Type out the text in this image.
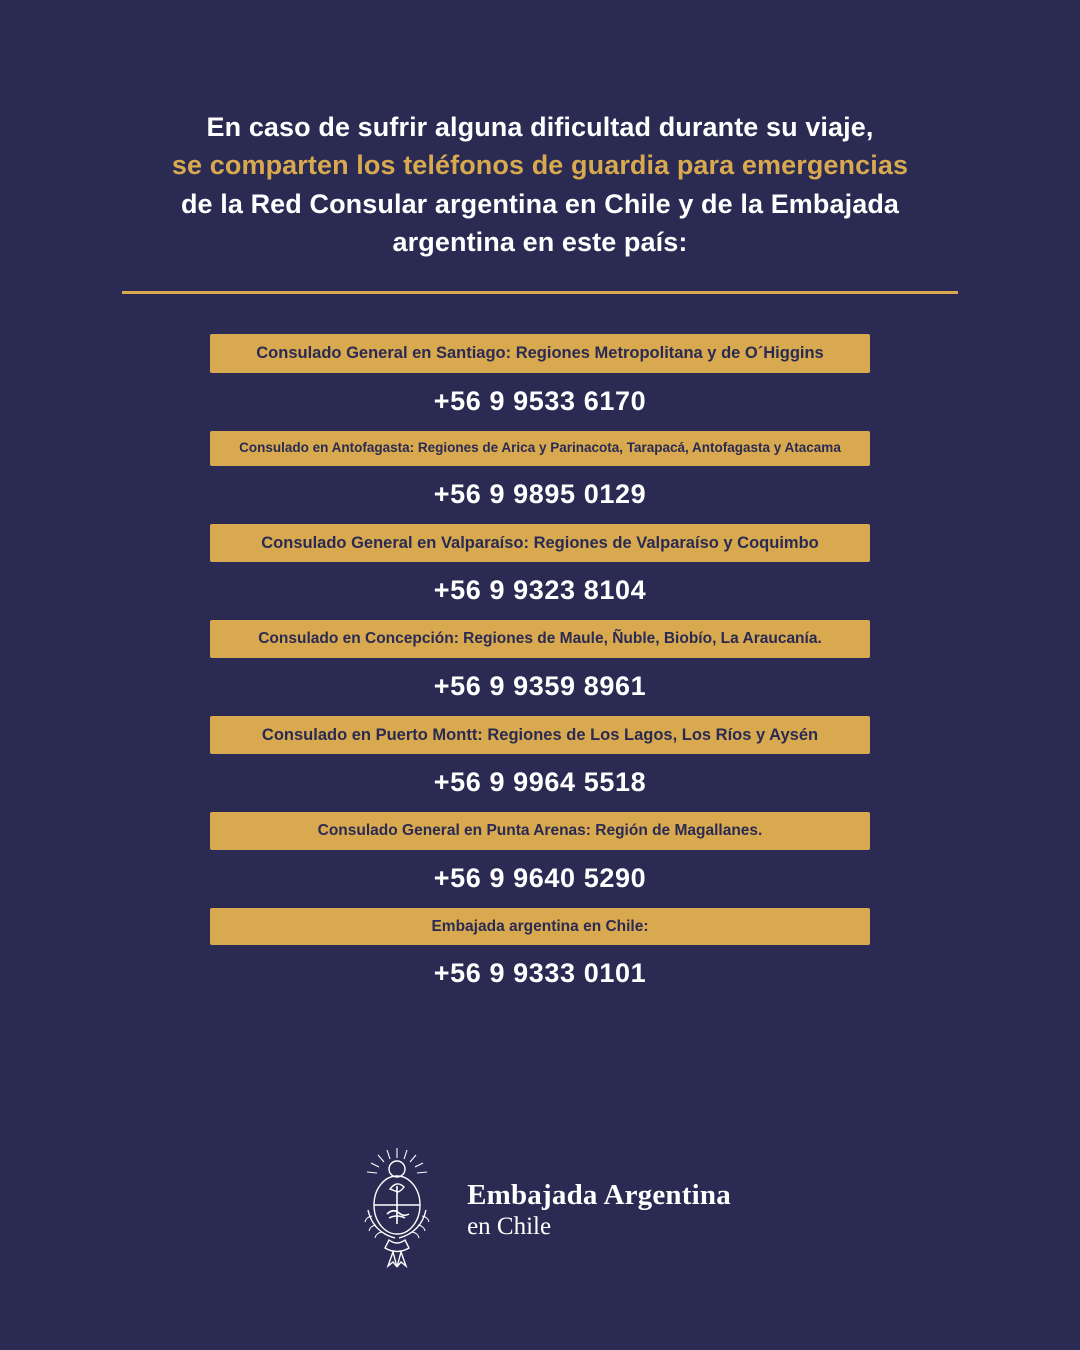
En caso de sufrir alguna dificultad durante su viaje,
se comparten los teléfonos de guardia para emergencias
de la Red Consular argentina en Chile y de la Embajada
argentina en este país:
Consulado General en Santiago: Regiones Metropolitana y de O´Higgins
+56 9 9533 6170
Consulado en Antofagasta: Regiones de Arica y Parinacota, Tarapacá, Antofagasta y Atacama
+56 9 9895 0129
Consulado General en Valparaíso: Regiones de Valparaíso y Coquimbo
+56 9 9323 8104
Consulado en Concepción: Regiones de Maule, Ñuble, Biobío, La Araucanía.
+56 9 9359 8961
Consulado en Puerto Montt: Regiones de Los Lagos, Los Ríos y Aysén
+56 9 9964 5518
Consulado General en Punta Arenas: Región de Magallanes.
+56 9 9640 5290
Embajada argentina en Chile:
+56 9 9333 0101
Embajada Argentina
en Chile
